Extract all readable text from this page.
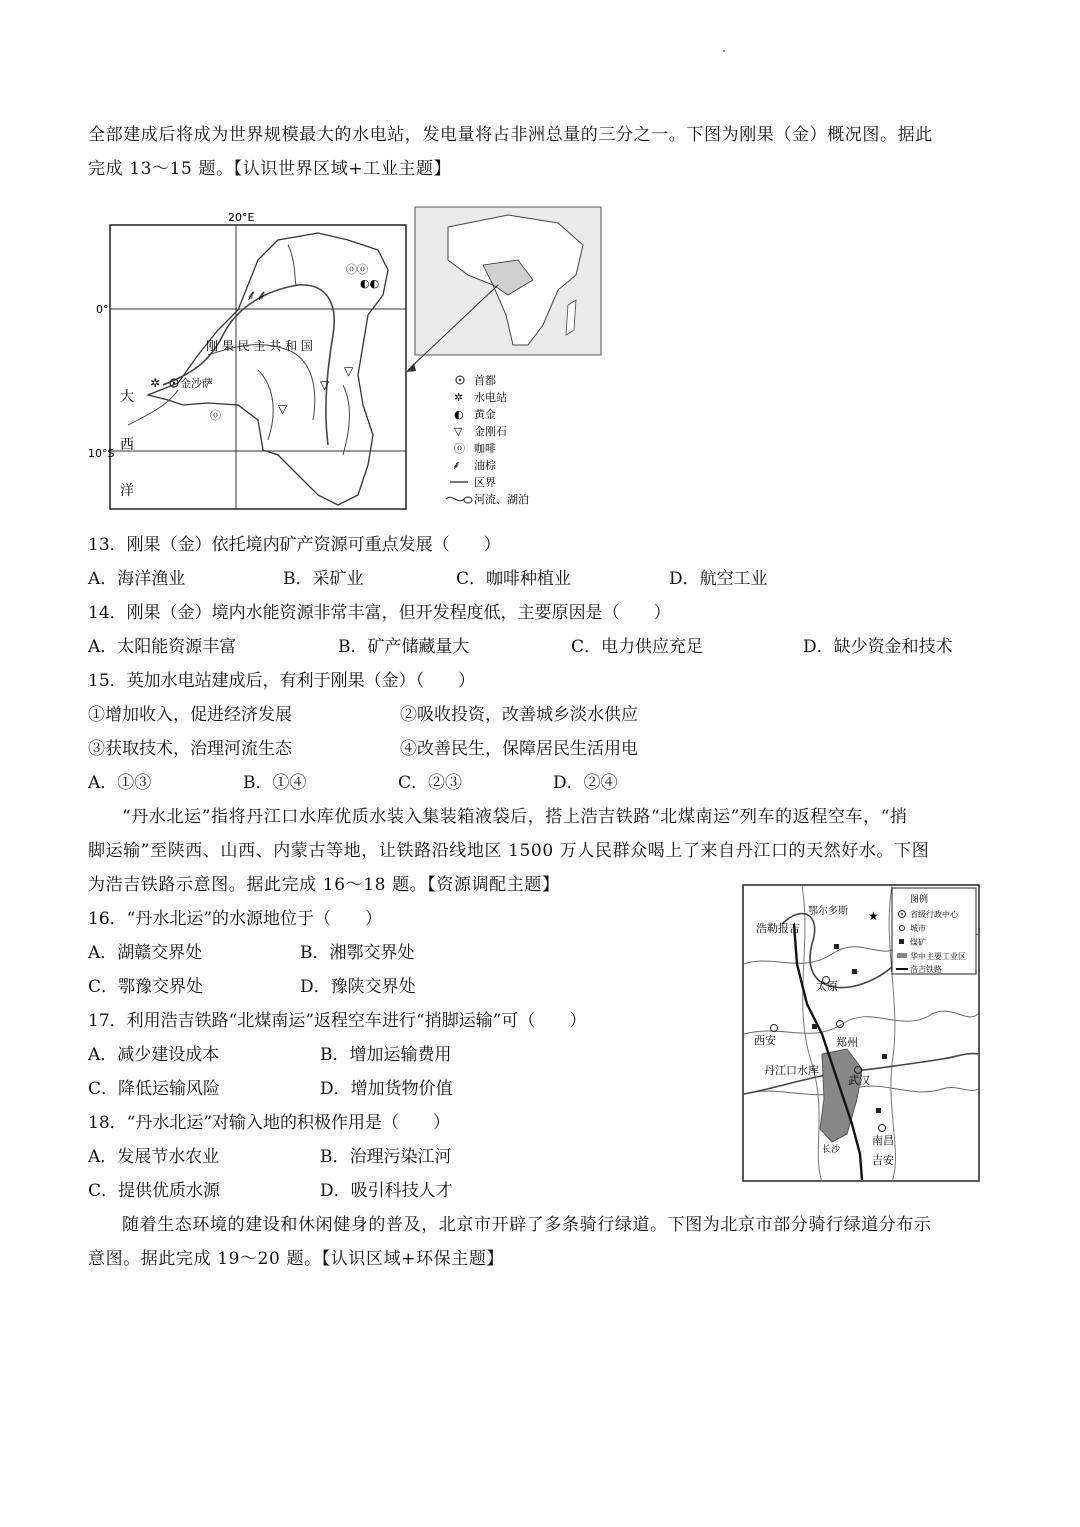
全部建成后将成为世界规模最大的水电站，发电量将占非洲总量的三分之一。下图为刚果（金）概况图。据此
完成 13～15 题。【认识世界区域+工业主题】
20°E
0°
10°S
刚 果 民 主 共 和 国
金沙萨
✲
ⓞⓞ
◐◐
ⓞ
⸙⸙
▽
▽
▽
大
西
洋
首都
✲ 水电站
◐ 黄金
▽ 金刚石
ⓞ 咖啡
⸙ 油棕
区界
河流、湖泊
13．刚果（金）依托境内矿产资源可重点发展（　　）
A．海洋渔业	B．采矿业	C．咖啡种植业	D．航空工业
14．刚果（金）境内水能资源非常丰富，但开发程度低，主要原因是（　　）
A．太阳能资源丰富	B．矿产储藏量大	C．电力供应充足	D．缺少资金和技术
15．英加水电站建成后，有利于刚果（金）（　　）
①增加收入，促进经济发展	②吸收投资，改善城乡淡水供应
③获取技术，治理河流生态	④改善民生，保障居民生活用电
A．①③	B．①④	C．②③	D．②④
“丹水北运”指将丹江口水库优质水装入集装箱液袋后，搭上浩吉铁路“北煤南运”列车的返程空车，“捎
脚运输”至陕西、山西、内蒙古等地，让铁路沿线地区 1500 万人民群众喝上了来自丹江口的天然好水。下图
为浩吉铁路示意图。据此完成 16～18 题。【资源调配主题】
图例
省级行政中心
城市
煤矿
华中主要工业区
浩吉铁路
浩勒报吉
鄂尔多斯
太原
郑州
西安
丹江口水库
武汉
南昌
吉安
长沙
★
16．“丹水北运”的水源地位于（　　）
A．湖赣交界处	B．湘鄂交界处
C．鄂豫交界处	D．豫陕交界处
17．利用浩吉铁路“北煤南运”返程空车进行“捎脚运输”可（　　）
A．减少建设成本	B．增加运输费用
C．降低运输风险	D．增加货物价值
18．“丹水北运”对输入地的积极作用是（　　）
A．发展节水农业	B．治理污染江河
C．提供优质水源	D．吸引科技人才
随着生态环境的建设和休闲健身的普及，北京市开辟了多条骑行绿道。下图为北京市部分骑行绿道分布示
意图。据此完成 19～20 题。【认识区域+环保主题】
